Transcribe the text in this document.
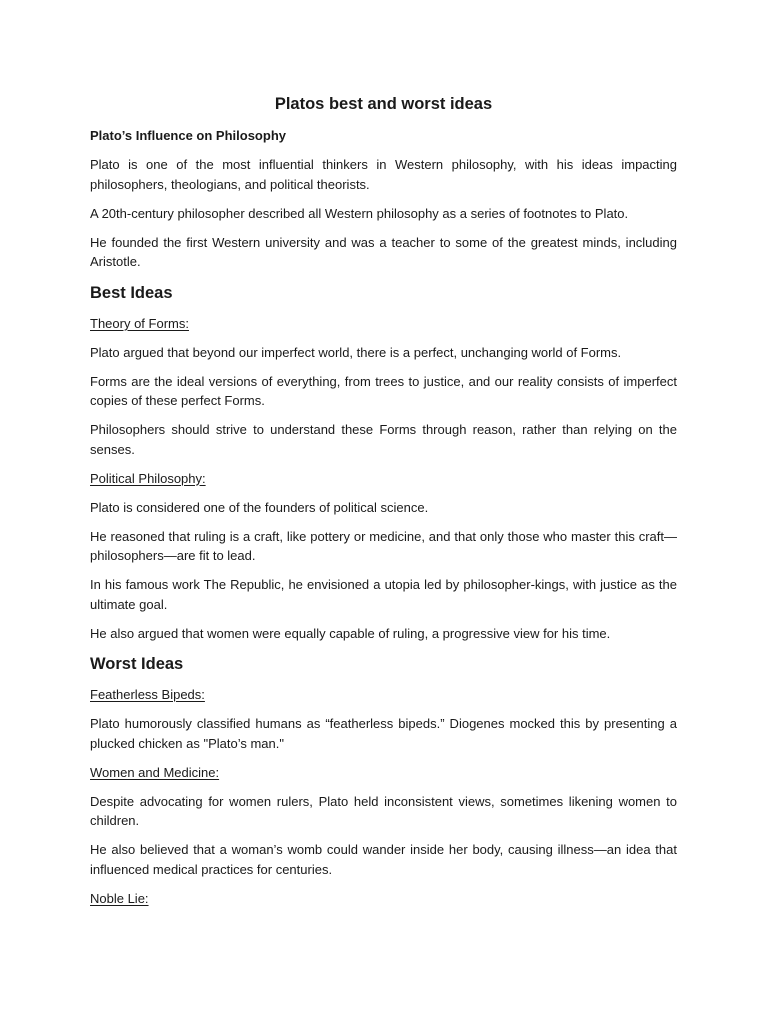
Platos best and worst ideas
Plato’s Influence on Philosophy

Plato is one of the most influential thinkers in Western philosophy, with his ideas impacting philosophers, theologians, and political theorists.

A 20th-century philosopher described all Western philosophy as a series of footnotes to Plato.

He founded the first Western university and was a teacher to some of the greatest minds, including Aristotle.

Best Ideas
Theory of Forms:

Plato argued that beyond our imperfect world, there is a perfect, unchanging world of Forms.

Forms are the ideal versions of everything, from trees to justice, and our reality consists of imperfect copies of these perfect Forms.

Philosophers should strive to understand these Forms through reason, rather than relying on the senses.

Political Philosophy:

Plato is considered one of the founders of political science.

He reasoned that ruling is a craft, like pottery or medicine, and that only those who master this craft—philosophers—are fit to lead.

In his famous work The Republic, he envisioned a utopia led by philosopher-kings, with justice as the ultimate goal.

He also argued that women were equally capable of ruling, a progressive view for his time.

Worst Ideas
Featherless Bipeds:

Plato humorously classified humans as “featherless bipeds.” Diogenes mocked this by presenting a plucked chicken as "Plato’s man."

Women and Medicine:

Despite advocating for women rulers, Plato held inconsistent views, sometimes likening women to children.

He also believed that a woman’s womb could wander inside her body, causing illness—an idea that influenced medical practices for centuries.

Noble Lie:
